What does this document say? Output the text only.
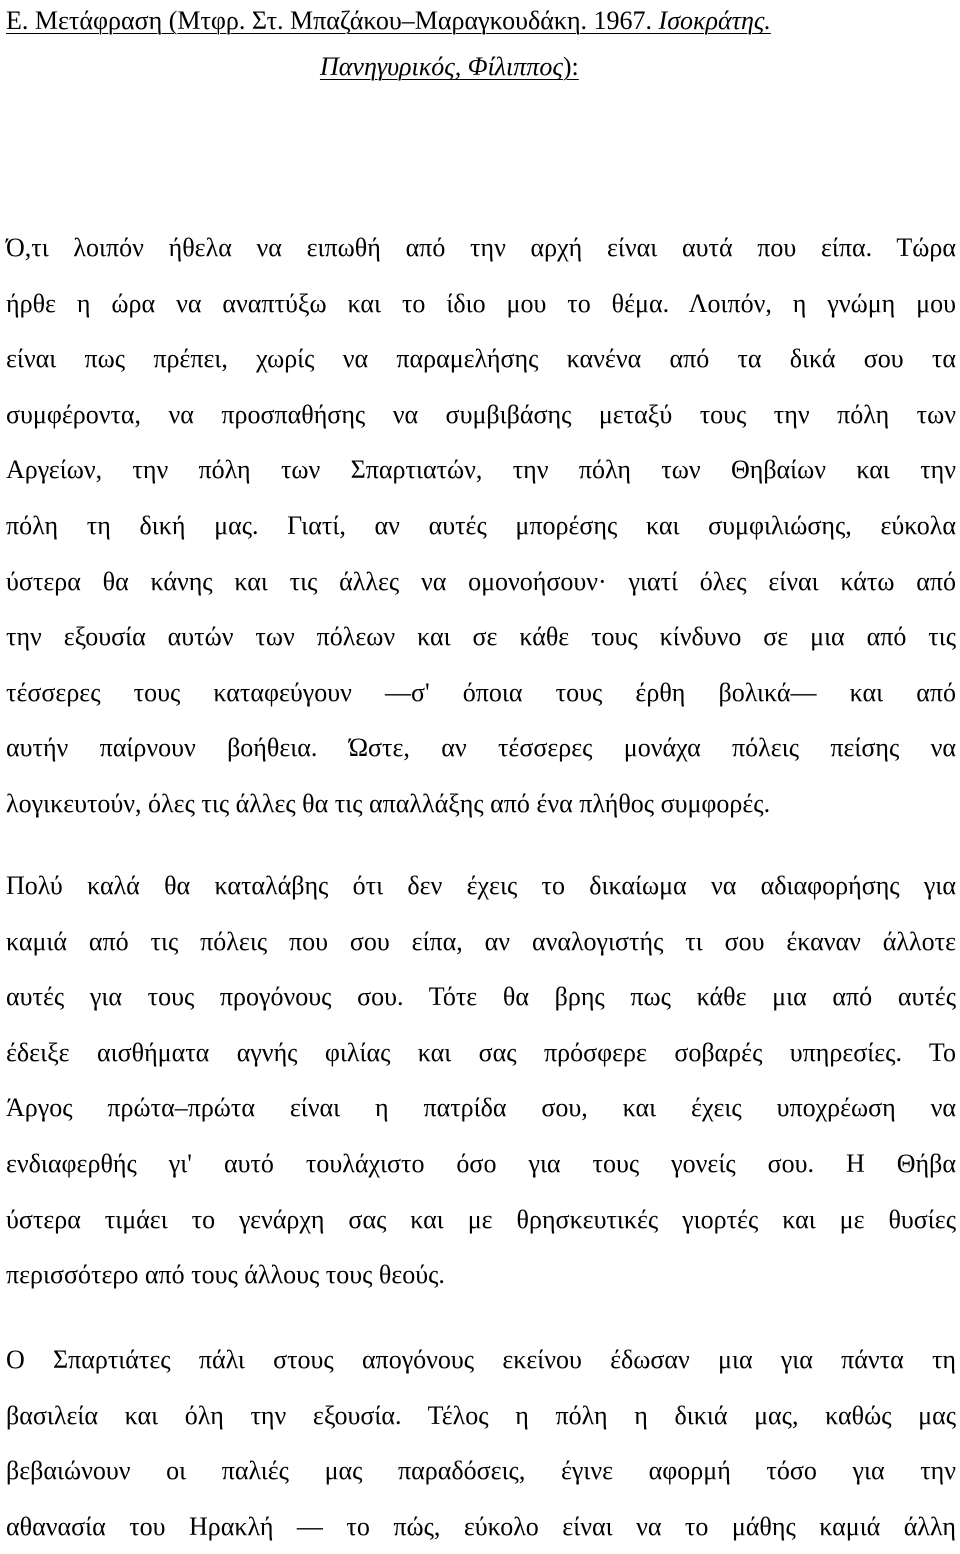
Ε. Μετάφραση (Μτφρ. Στ. Μπαζάκου–Μαραγκουδάκη. 1967. Ισοκράτης.
Πανηγυρικός, Φίλιππος):

Ό,τι λοιπόν ήθελα να ειπωθή από την αρχή είναι αυτά που είπα. Τώρα
ήρθε η ώρα να αναπτύξω και το ίδιο μου το θέμα. Λοιπόν, η γνώμη μου
είναι πως πρέπει, χωρίς να παραμελήσης κανένα από τα δικά σου τα
συμφέροντα, να προσπαθήσης να συμβιβάσης μεταξύ τους την πόλη των
Αργείων, την πόλη των Σπαρτιατών, την πόλη των Θηβαίων και την
πόλη τη δική μας. Γιατί, αν αυτές μπορέσης και συμφιλιώσης, εύκολα
ύστερα θα κάνης και τις άλλες να ομονοήσουν· γιατί όλες είναι κάτω από
την εξουσία αυτών των πόλεων και σε κάθε τους κίνδυνο σε μια από τις
τέσσερες τους καταφεύγουν —σ' όποια τους έρθη βολικά— και από
αυτήν παίρνουν βοήθεια. Ώστε, αν τέσσερες μονάχα πόλεις πείσης να
λογικευτούν, όλες τις άλλες θα τις απαλλάξης από ένα πλήθος συμφορές.

Πολύ καλά θα καταλάβης ότι δεν έχεις το δικαίωμα να αδιαφορήσης για
καμιά από τις πόλεις που σου είπα, αν αναλογιστής τι σου έκαναν άλλοτε
αυτές για τους προγόνους σου. Τότε θα βρης πως κάθε μια από αυτές
έδειξε αισθήματα αγνής φιλίας και σας πρόσφερε σοβαρές υπηρεσίες. Το
Άργος πρώτα–πρώτα είναι η πατρίδα σου, και έχεις υποχρέωση να
ενδιαφερθής γι' αυτό τουλάχιστο όσο για τους γονείς σου. Η Θήβα
ύστερα τιμάει το γενάρχη σας και με θρησκευτικές γιορτές και με θυσίες
περισσότερο από τους άλλους τους θεούς.

Ο Σπαρτιάτες πάλι στους απογόνους εκείνου έδωσαν μια για πάντα τη
βασιλεία και όλη την εξουσία. Τέλος η πόλη η δικιά μας, καθώς μας
βεβαιώνουν οι παλιές μας παραδόσεις, έγινε αφορμή τόσο για την
αθανασία του Ηρακλή — το πώς, εύκολο είναι να το μάθης καμιά άλλη
